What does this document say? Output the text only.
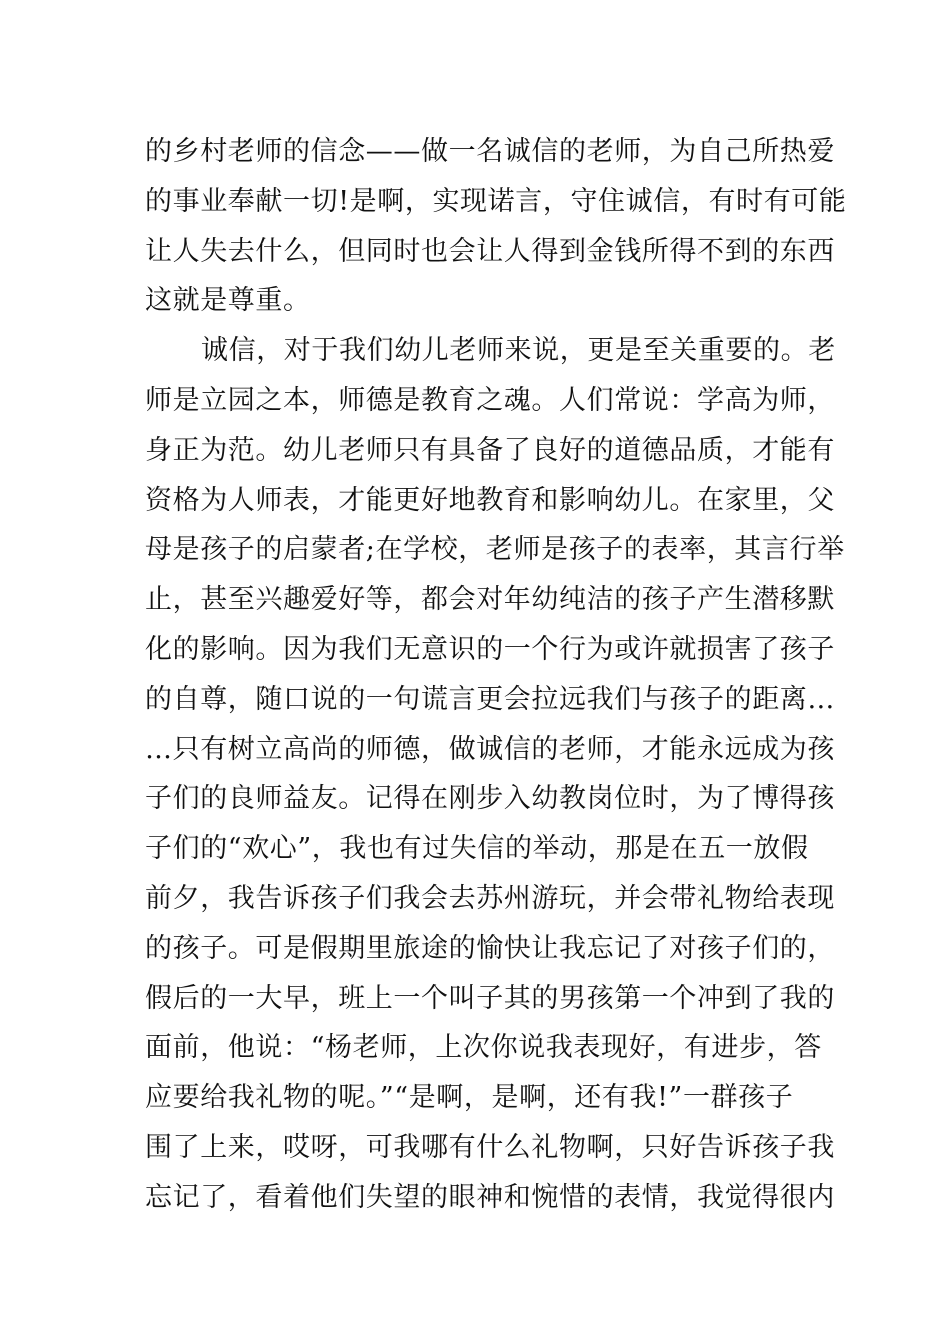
的乡村老师的信念——做一名诚信的老师，为自己所热爱
的事业奉献一切!是啊，实现诺言，守住诚信，有时有可能
让人失去什么，但同时也会让人得到金钱所得不到的东西
这就是尊重。
诚信，对于我们幼儿老师来说，更是至关重要的。老
师是立园之本，师德是教育之魂。人们常说：学高为师，
身正为范。幼儿老师只有具备了良好的道德品质，才能有
资格为人师表，才能更好地教育和影响幼儿。在家里，父
母是孩子的启蒙者;在学校，老师是孩子的表率，其言行举
止，甚至兴趣爱好等，都会对年幼纯洁的孩子产生潜移默
化的影响。因为我们无意识的一个行为或许就损害了孩子
的自尊，随口说的一句谎言更会拉远我们与孩子的距离…
…只有树立高尚的师德，做诚信的老师，才能永远成为孩
子们的良师益友。记得在刚步入幼教岗位时，为了博得孩
子们的“欢心”，我也有过失信的举动，那是在五一放假
前夕，我告诉孩子们我会去苏州游玩，并会带礼物给表现
的孩子。可是假期里旅途的愉快让我忘记了对孩子们的，
假后的一大早，班上一个叫子其的男孩第一个冲到了我的
面前，他说：“杨老师，上次你说我表现好，有进步，答
应要给我礼物的呢。”“是啊，是啊，还有我!”一群孩子
围了上来，哎呀，可我哪有什么礼物啊，只好告诉孩子我
忘记了，看着他们失望的眼神和惋惜的表情，我觉得很内
